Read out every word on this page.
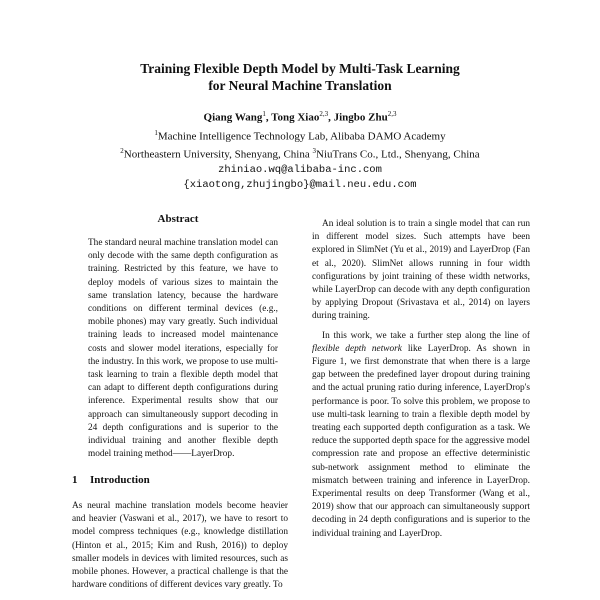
Training Flexible Depth Model by Multi-Task Learning
for Neural Machine Translation
Qiang Wang$^1$, Tong Xiao$^{2,3}$, Jingbo Zhu$^{2,3}$
$^1$Machine Intelligence Technology Lab, Alibaba DAMO Academy
$^2$Northeastern University, Shenyang, China $^3$NiuTrans Co., Ltd., Shenyang, China
zhiniao.wq@alibaba-inc.com
{xiaotong,zhujingbo}@mail.neu.edu.com
Abstract

The standard neural machine translation model can only decode with the same depth configuration as training. Restricted by this feature, we have to deploy models of various sizes to maintain the same translation latency, because the hardware conditions on different terminal devices (e.g., mobile phones) may vary greatly. Such individual training leads to increased model maintenance costs and slower model iterations, especially for the industry. In this work, we propose to use multi-task learning to train a flexible depth model that can adapt to different depth configurations during inference. Experimental results show that our approach can simultaneously support decoding in 24 depth configurations and is superior to the individual training and another flexible depth model training method——LayerDrop.

1 Introduction

As neural machine translation models become heavier and heavier (Vaswani et al., 2017), we have to resort to model compress techniques (e.g., knowledge distillation (Hinton et al., 2015; Kim and Rush, 2016)) to deploy smaller models in devices with limited resources, such as mobile phones. However, a practical challenge is that the hardware conditions of different devices vary greatly. To

An ideal solution is to train a single model that can run in different model sizes. Such attempts have been explored in SlimNet (Yu et al., 2019) and LayerDrop (Fan et al., 2020). SlimNet allows running in four width configurations by joint training of these width networks, while LayerDrop can decode with any depth configuration by applying Dropout (Srivastava et al., 2014) on layers during training.

In this work, we take a further step along the line of flexible depth network like LayerDrop. As shown in Figure 1, we first demonstrate that when there is a large gap between the predefined layer dropout during training and the actual pruning ratio during inference, LayerDrop's performance is poor. To solve this problem, we propose to use multi-task learning to train a flexible depth model by treating each supported depth configuration as a task. We reduce the supported depth space for the aggressive model compression rate and propose an effective deterministic sub-network assignment method to eliminate the mismatch between training and inference in LayerDrop. Experimental results on deep Transformer (Wang et al., 2019) show that our approach can simultaneously support decoding in 24 depth configurations and is superior to the individual training and LayerDrop.
